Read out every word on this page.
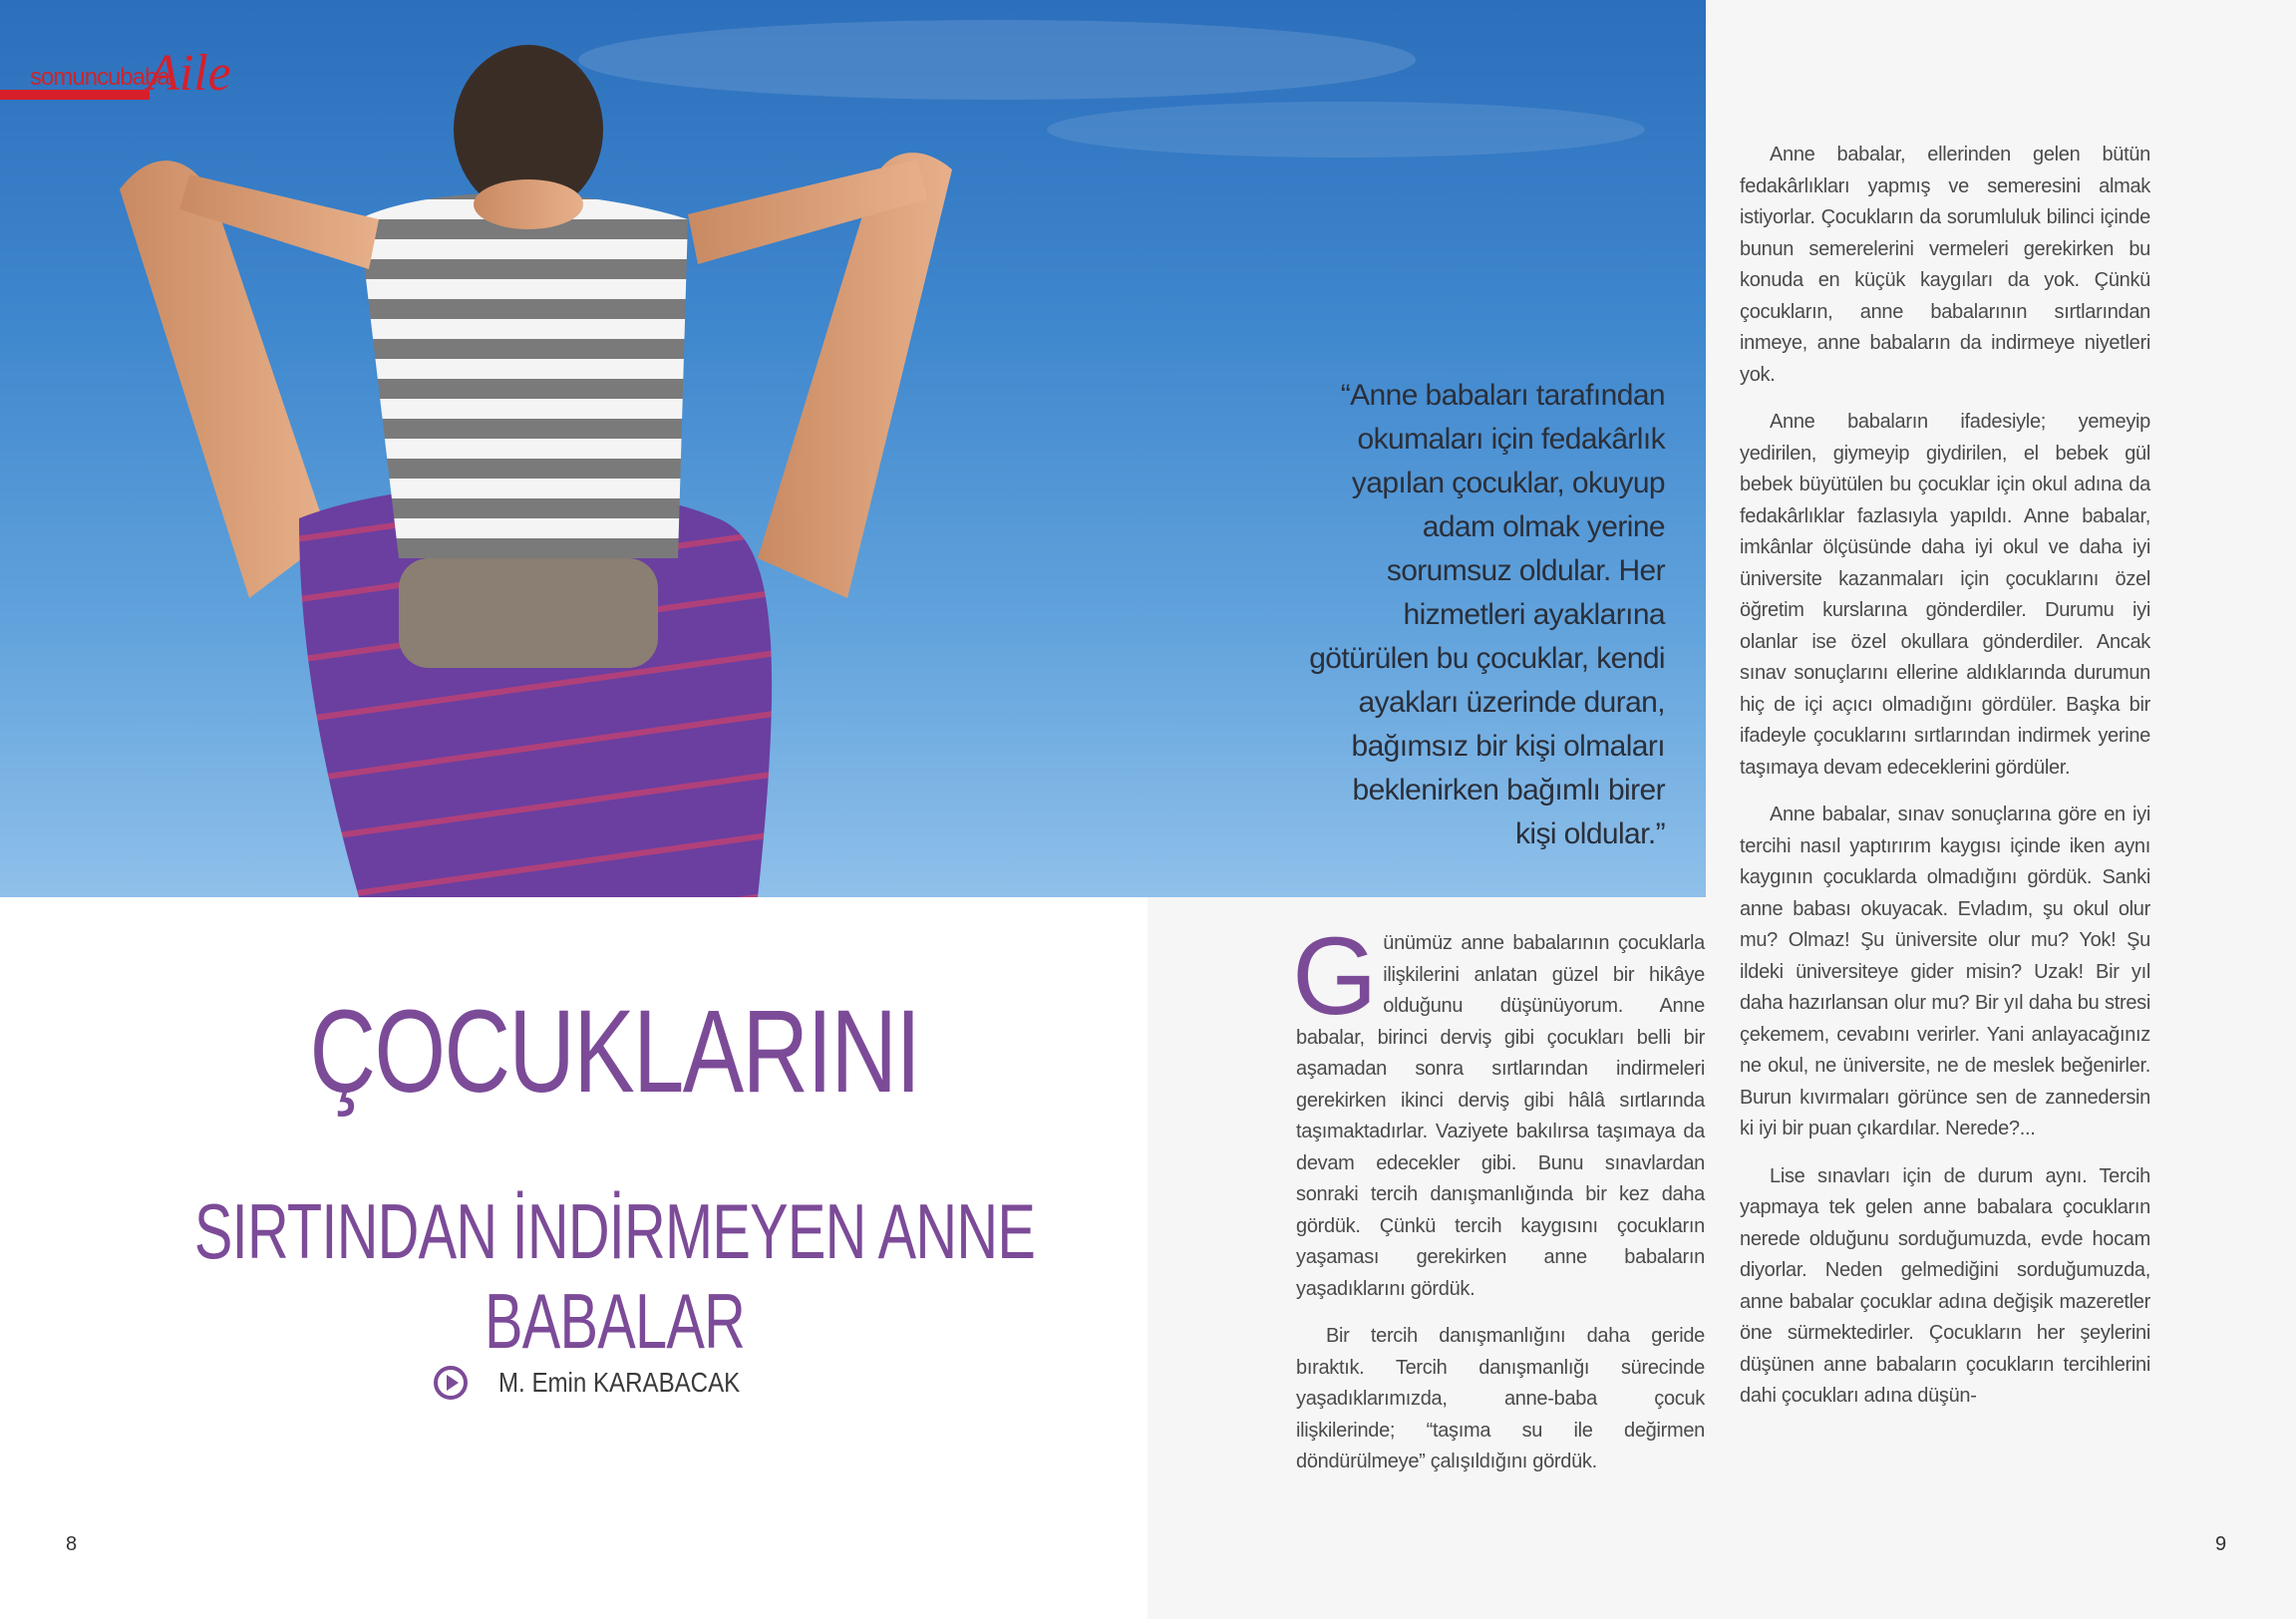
somuncubaba
Aile
“Anne babaları tarafından okumaları için fedakârlık yapılan çocuklar, okuyup adam olmak yerine sorumsuz oldular. Her hizmetleri ayaklarına götürülen bu çocuklar, kendi ayakları üzerinde duran, bağımsız bir kişi olmaları beklenirken bağımlı birer kişi oldular.”
ÇOCUKLARINI
SIRTINDAN İNDİRMEYEN ANNE BABALAR
M. Emin KARABACAK

Günümüz anne babalarının çocuklarla ilişkilerini anlatan güzel bir hikâye olduğunu düşünüyorum. Anne babalar, birinci derviş gibi çocukları belli bir aşamadan sonra sırtlarından indirmeleri gerekirken ikinci derviş gibi hâlâ sırtlarında taşımaktadırlar. Vaziyete bakılırsa taşımaya da devam edecekler gibi. Bunu sınavlardan sonraki tercih danışmanlığında bir kez daha gördük. Çünkü tercih kaygısını çocukların yaşaması gerekirken anne babaların yaşadıklarını gördük.

Bir tercih danışmanlığını daha geride bıraktık. Tercih danışmanlığı sürecinde yaşadıklarımızda, anne-baba çocuk ilişkilerinde; “taşıma su ile değirmen döndürülmeye” çalışıldığını gördük.

Anne babalar, ellerinden gelen bütün fedakârlıkları yapmış ve semeresini almak istiyorlar. Çocukların da sorumluluk bilinci içinde bunun semerelerini vermeleri gerekirken bu konuda en küçük kaygıları da yok. Çünkü çocukların, anne babalarının sırtlarından inmeye, anne babaların da indirmeye niyetleri yok.

Anne babaların ifadesiyle; yemeyip yedirilen, giymeyip giydirilen, el bebek gül bebek büyütülen bu çocuklar için okul adına da fedakârlıklar fazlasıyla yapıldı. Anne babalar, imkânlar ölçüsünde daha iyi okul ve daha iyi üniversite kazanmaları için çocuklarını özel öğretim kurslarına gönderdiler. Durumu iyi olanlar ise özel okullara gönderdiler. Ancak sınav sonuçlarını ellerine aldıklarında durumun hiç de içi açıcı olmadığını gördüler. Başka bir ifadeyle çocuklarını sırtlarından indirmek yerine taşımaya devam edeceklerini gördüler.

Anne babalar, sınav sonuçlarına göre en iyi tercihi nasıl yaptırırım kaygısı içinde iken aynı kaygının çocuklarda olmadığını gördük. Sanki anne babası okuyacak. Evladım, şu okul olur mu? Olmaz! Şu üniversite olur mu? Yok! Şu ildeki üniversiteye gider misin? Uzak! Bir yıl daha hazırlansan olur mu? Bir yıl daha bu stresi çekemem, cevabını verirler. Yani anlayacağınız ne okul, ne üniversite, ne de meslek beğenirler. Burun kıvırmaları görünce sen de zannedersin ki iyi bir puan çıkardılar. Nerede?...

Lise sınavları için de durum aynı. Tercih yapmaya tek gelen anne babalara çocukların nerede olduğunu sorduğumuzda, evde hocam diyorlar. Neden gelmediğini sorduğumuzda, anne babalar çocuklar adına değişik mazeretler öne sürmektedirler. Çocukların her şeylerini düşünen anne babaların çocukların tercihlerini dahi çocukları adına düşün-

8	9
